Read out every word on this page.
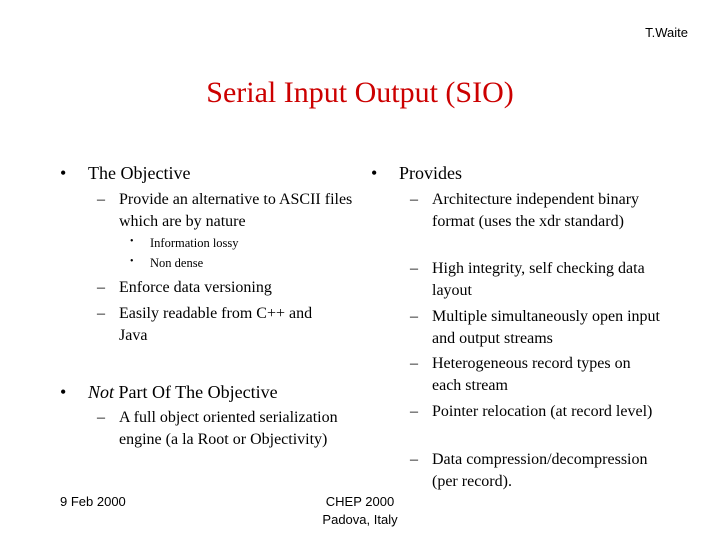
T.Waite
Serial Input Output (SIO)
• The Objective
– Provide an alternative to ASCII files which are by nature
• Information lossy
• Non dense
– Enforce data versioning
– Easily readable from C++ and Java
• Not Part Of The Objective
– A full object oriented serialization engine (a la Root or Objectivity)
• Provides
– Architecture independent binary format (uses the xdr standard)
– High integrity, self checking data layout
– Multiple simultaneously open input and output streams
– Heterogeneous record types on each stream
– Pointer relocation (at record level)
– Data compression/decompression (per record).
9 Feb 2000	CHEP 2000
Padova, Italy
